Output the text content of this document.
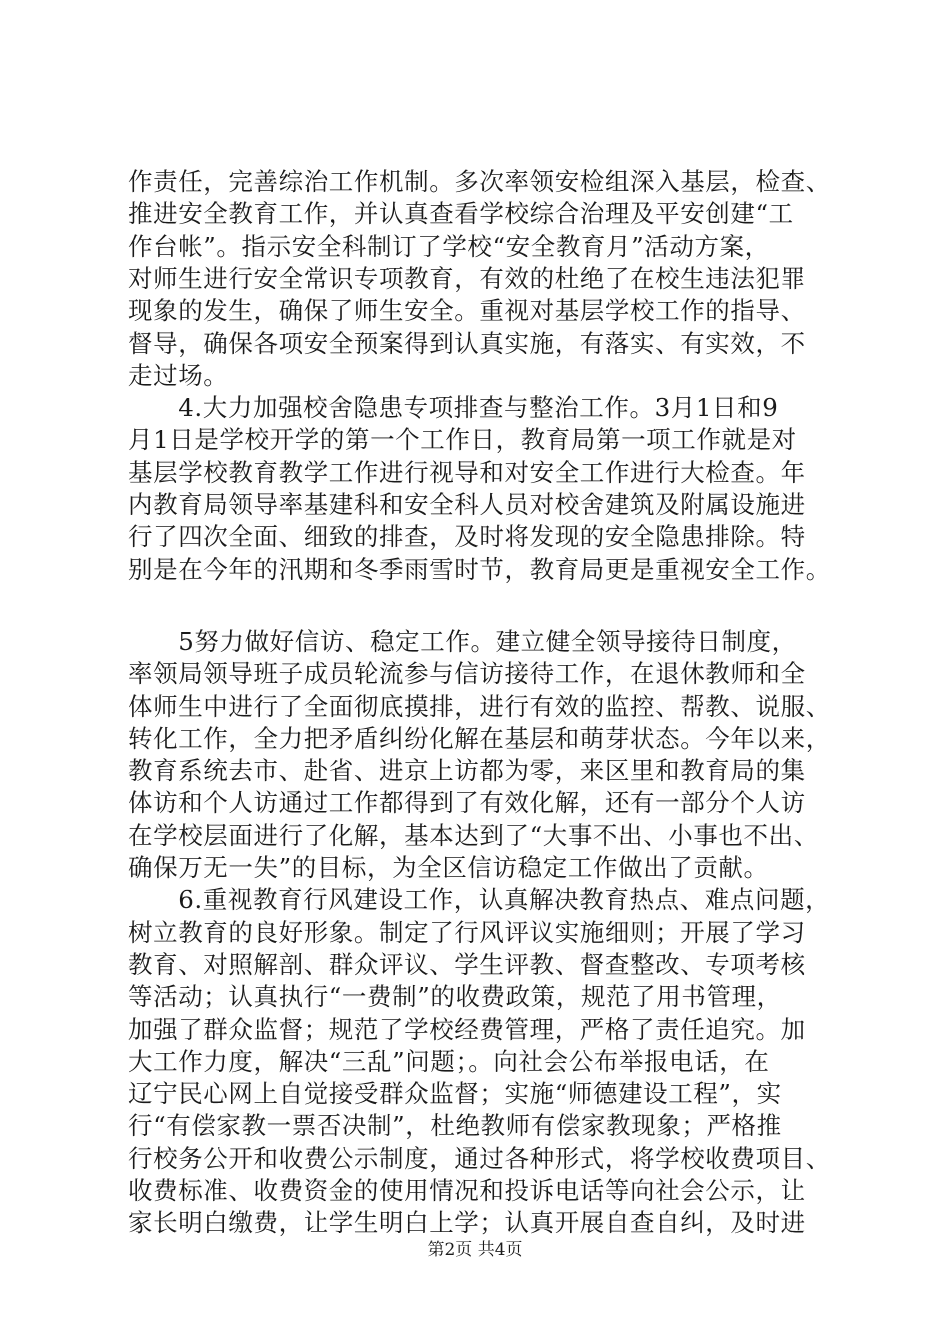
作责任，完善综治工作机制。多次率领安检组深入基层，检查、
推进安全教育工作，并认真查看学校综合治理及平安创建“工
作台帐”。指示安全科制订了学校“安全教育月”活动方案，
对师生进行安全常识专项教育，有效的杜绝了在校生违法犯罪
现象的发生，确保了师生安全。重视对基层学校工作的指导、
督导，确保各项安全预案得到认真实施，有落实、有实效，不
走过场。
　　4.大力加强校舍隐患专项排查与整治工作。3月1日和9
月1日是学校开学的第一个工作日，教育局第一项工作就是对
基层学校教育教学工作进行视导和对安全工作进行大检查。年
内教育局领导率基建科和安全科人员对校舍建筑及附属设施进
行了四次全面、细致的排查，及时将发现的安全隐患排除。特
别是在今年的汛期和冬季雨雪时节，教育局更是重视安全工作。
　　5努力做好信访、稳定工作。建立健全领导接待日制度，
率领局领导班子成员轮流参与信访接待工作，在退休教师和全
体师生中进行了全面彻底摸排，进行有效的监控、帮教、说服、
转化工作，全力把矛盾纠纷化解在基层和萌芽状态。今年以来，
教育系统去市、赴省、进京上访都为零，来区里和教育局的集
体访和个人访通过工作都得到了有效化解，还有一部分个人访
在学校层面进行了化解，基本达到了“大事不出、小事也不出、
确保万无一失”的目标，为全区信访稳定工作做出了贡献。
　　6.重视教育行风建设工作，认真解决教育热点、难点问题，
树立教育的良好形象。制定了行风评议实施细则；开展了学习
教育、对照解剖、群众评议、学生评教、督查整改、专项考核
等活动；认真执行“一费制”的收费政策，规范了用书管理，
加强了群众监督；规范了学校经费管理，严格了责任追究。加
大工作力度，解决“三乱”问题；。向社会公布举报电话，在
辽宁民心网上自觉接受群众监督；实施“师德建设工程”，实
行“有偿家教一票否决制”，杜绝教师有偿家教现象；严格推
行校务公开和收费公示制度，通过各种形式，将学校收费项目、
收费标准、收费资金的使用情况和投诉电话等向社会公示，让
家长明白缴费，让学生明白上学；认真开展自查自纠，及时进
第2页 共4页
